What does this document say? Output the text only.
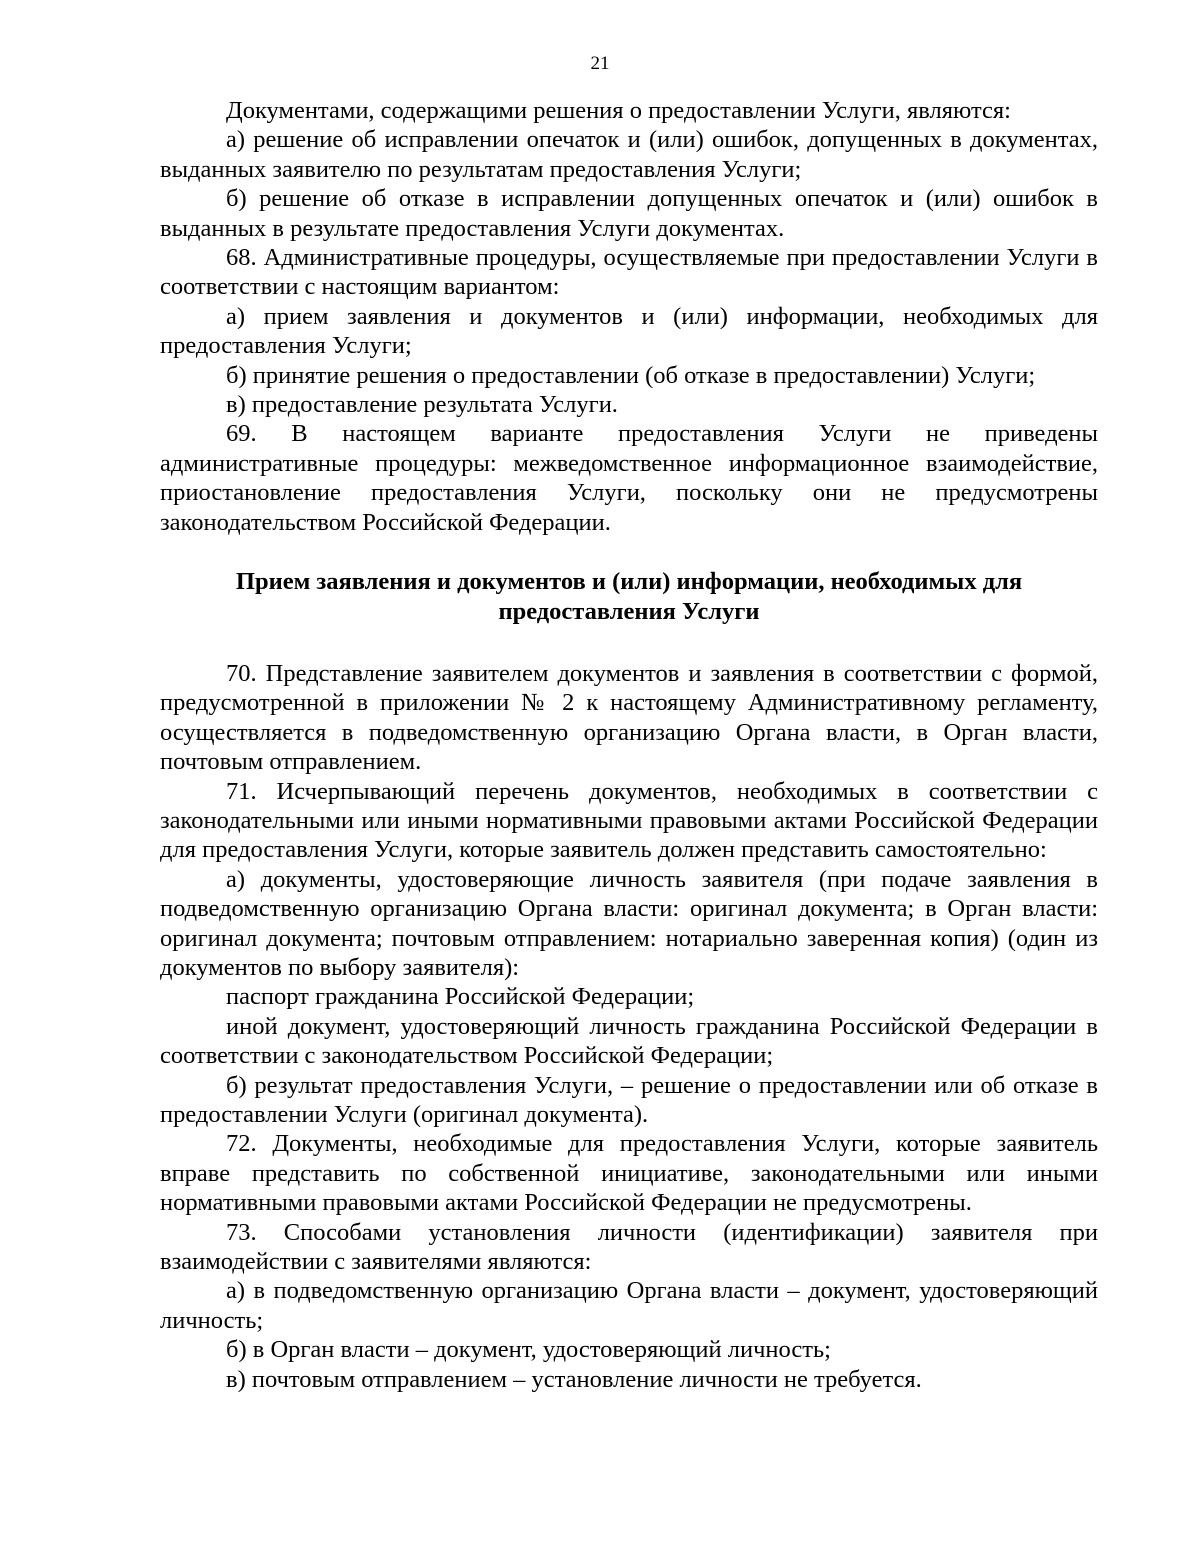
21

Документами, содержащими решения о предоставлении Услуги, являются:

а) решение об исправлении опечаток и (или) ошибок, допущенных в документах, выданных заявителю по результатам предоставления Услуги;

б) решение об отказе в исправлении допущенных опечаток и (или) ошибок в выданных в результате предоставления Услуги документах.

68. Административные процедуры, осуществляемые при предоставлении Услуги в соответствии с настоящим вариантом:

а) прием заявления и документов и (или) информации, необходимых для предоставления Услуги;

б) принятие решения о предоставлении (об отказе в предоставлении) Услуги;

в) предоставление результата Услуги.

69. В настоящем варианте предоставления Услуги не приведены административные процедуры: межведомственное информационное взаимодействие, приостановление предоставления Услуги, поскольку они не предусмотрены законодательством Российской Федерации.

Прием заявления и документов и (или) информации, необходимых для предоставления Услуги

70. Представление заявителем документов и заявления в соответствии с формой, предусмотренной в приложении № 2 к настоящему Административному регламенту, осуществляется в подведомственную организацию Органа власти, в Орган власти, почтовым отправлением.

71. Исчерпывающий перечень документов, необходимых в соответствии с законодательными или иными нормативными правовыми актами Российской Федерации для предоставления Услуги, которые заявитель должен представить самостоятельно:

а) документы, удостоверяющие личность заявителя (при подаче заявления в подведомственную организацию Органа власти: оригинал документа; в Орган власти: оригинал документа; почтовым отправлением: нотариально заверенная копия) (один из документов по выбору заявителя):

паспорт гражданина Российской Федерации;

иной документ, удостоверяющий личность гражданина Российской Федерации в соответствии с законодательством Российской Федерации;

б) результат предоставления Услуги, – решение о предоставлении или об отказе в предоставлении Услуги (оригинал документа).

72. Документы, необходимые для предоставления Услуги, которые заявитель вправе представить по собственной инициативе, законодательными или иными нормативными правовыми актами Российской Федерации не предусмотрены.

73. Способами установления личности (идентификации) заявителя при взаимодействии с заявителями являются:

а) в подведомственную организацию Органа власти – документ, удостоверяющий личность;

б) в Орган власти – документ, удостоверяющий личность;

в) почтовым отправлением – установление личности не требуется.
